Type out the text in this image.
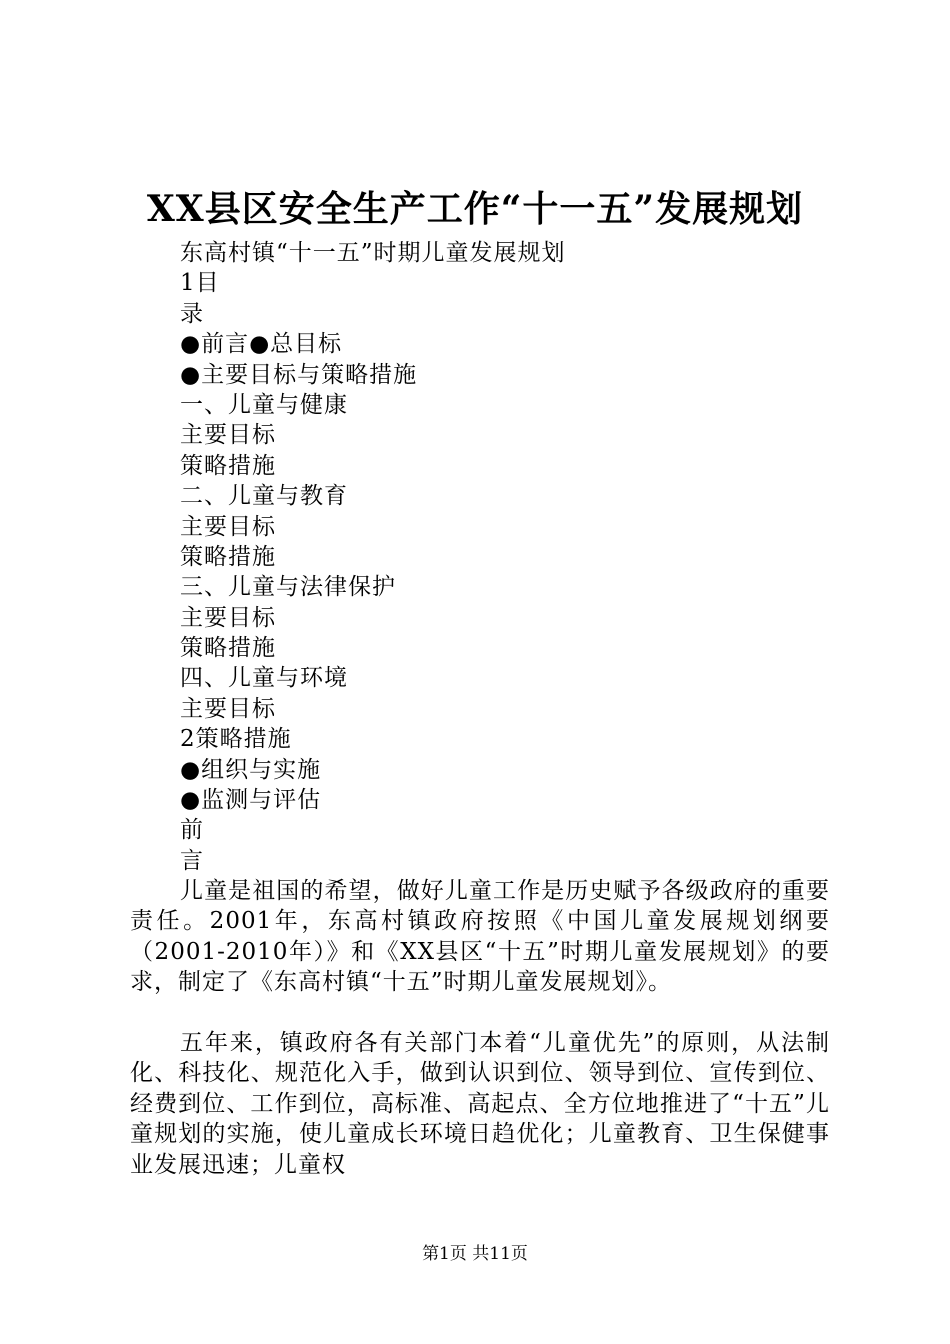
XX县区安全生产工作“十一五”发展规划
东高村镇“十一五”时期儿童发展规划
1目
录
●前言●总目标
●主要目标与策略措施
一、儿童与健康
主要目标
策略措施
二、儿童与教育
主要目标
策略措施
三、儿童与法律保护
主要目标
策略措施
四、儿童与环境
主要目标
2策略措施
●组织与实施
●监测与评估
前
言

儿童是祖国的希望，做好儿童工作是历史赋予各级政府的重要责任。2001年，东高村镇政府按照《中国儿童发展规划纲要（2001-2010年）》和《XX县区“十五”时期儿童发展规划》的要求，制定了《东高村镇“十五”时期儿童发展规划》。

五年来，镇政府各有关部门本着“儿童优先”的原则，从法制化、科技化、规范化入手，做到认识到位、领导到位、宣传到位、经费到位、工作到位，高标准、高起点、全方位地推进了“十五”儿童规划的实施，使儿童成长环境日趋优化；儿童教育、卫生保健事业发展迅速；儿童权

第1页 共11页
